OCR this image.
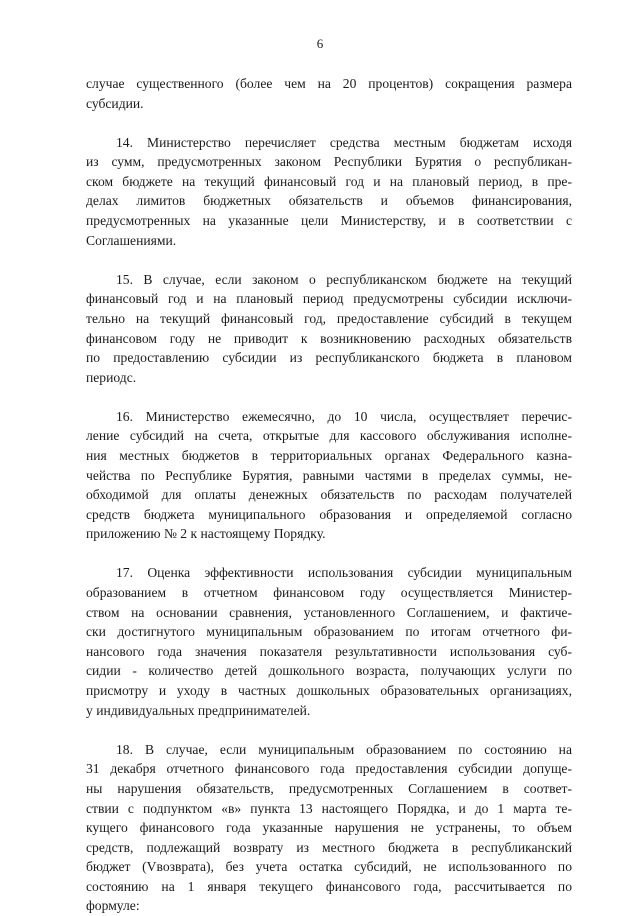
6

случае существенного (более чем на 20 процентов) сокращения размера
субсидии.

14. Министерство перечисляет средства местным бюджетам исходя
из сумм, предусмотренных законом Республики Бурятия о республикан-
ском бюджете на текущий финансовый год и на плановый период, в пре-
делах лимитов бюджетных обязательств и объемов финансирования,
предусмотренных на указанные цели Министерству, и в соответствии с
Соглашениями.

15. В случае, если законом о республиканском бюджете на текущий
финансовый год и на плановый период предусмотрены субсидии исключи-
тельно на текущий финансовый год, предоставление субсидий в текущем
финансовом году не приводит к возникновению расходных обязательств
по предоставлению субсидии из республиканского бюджета в плановом
периодс.

16. Министерство ежемесячно, до 10 числа, осуществляет перечис-
ление субсидий на счета, открытые для кассового обслуживания исполне-
ния местных бюджетов в территориальных органах Федерального казна-
чейства по Республике Бурятия, равными частями в пределах суммы, не-
обходимой для оплаты денежных обязательств по расходам получателей
средств бюджета муниципального образования и определяемой согласно
приложению № 2 к настоящему Порядку.

17. Оценка эффективности использования субсидии муниципальным
образованием в отчетном финансовом году осуществляется Министер-
ством на основании сравнения, установленного Соглашением, и фактиче-
ски достигнутого муниципальным образованием по итогам отчетного фи-
нансового года значения показателя результативности использования суб-
сидии - количество детей дошкольного возраста, получающих услуги по
присмотру и уходу в частных дошкольных образовательных организациях,
у индивидуальных предпринимателей.

18. В случае, если муниципальным образованием по состоянию на
31 декабря отчетного финансового года предоставления субсидии допуще-
ны нарушения обязательств, предусмотренных Соглашением в соответ-
ствии с подпунктом «в» пункта 13 настоящего Порядка, и до 1 марта те-
кущего финансового года указанные нарушения не устранены, то объем
средств, подлежащий возврату из местного бюджета в республиканский
бюджет (Vвозврата), без учета остатка субсидий, не использованного по
состоянию на 1 января текущего финансового года, рассчитывается по
формуле:
